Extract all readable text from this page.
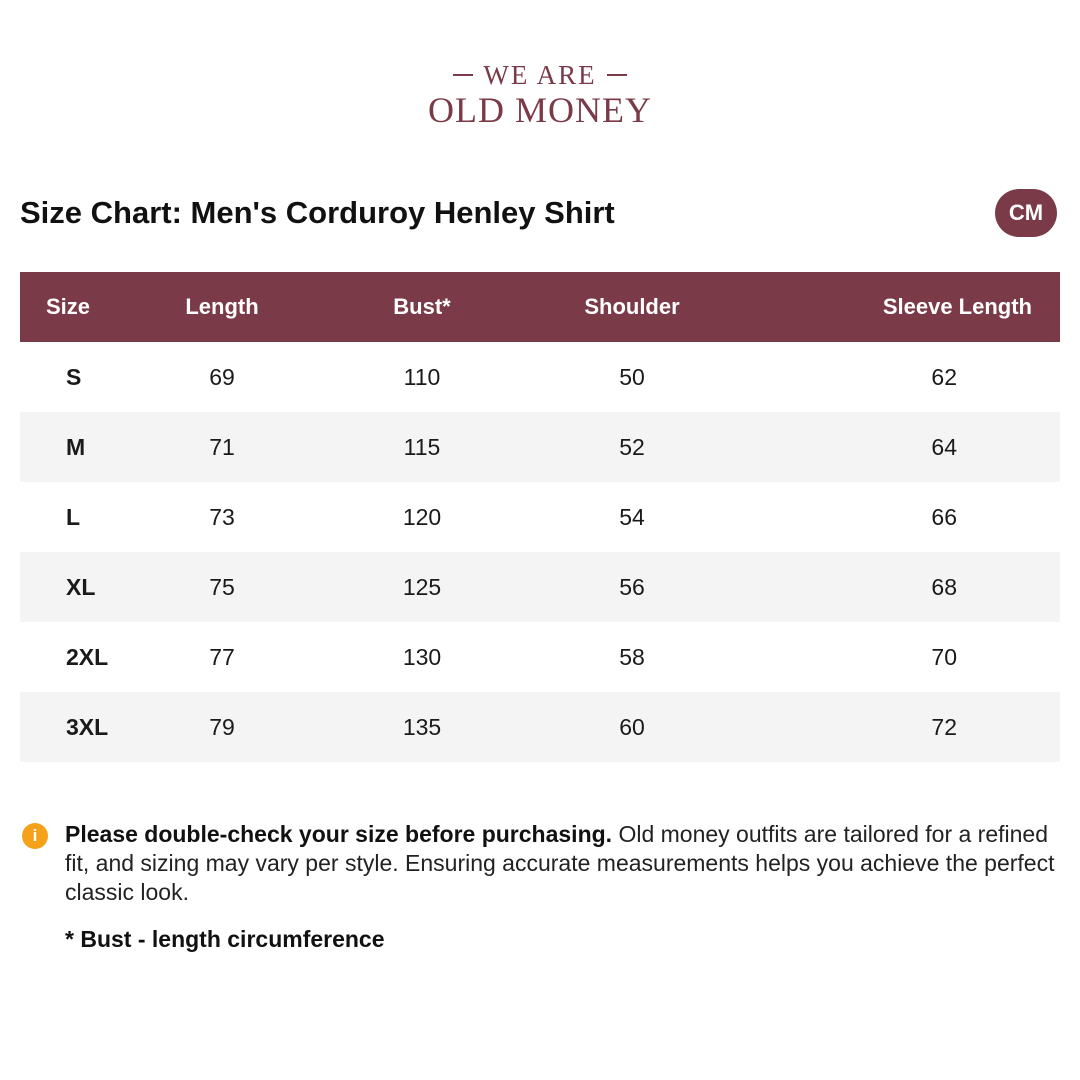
WE ARE
OLD MONEY
Size Chart: Men's Corduroy Henley Shirt	CM
Size	Length	Bust*	Shoulder	Sleeve Length
S	69	110	50	62
M	71	115	52	64
L	73	120	54	66
XL	75	125	56	68
2XL	77	130	58	70
3XL	79	135	60	72
i	Please double-check your size before purchasing. Old money outfits are tailored for a refined fit, and sizing may vary per style. Ensuring accurate measurements helps you achieve the perfect classic look.
* Bust - length circumference
